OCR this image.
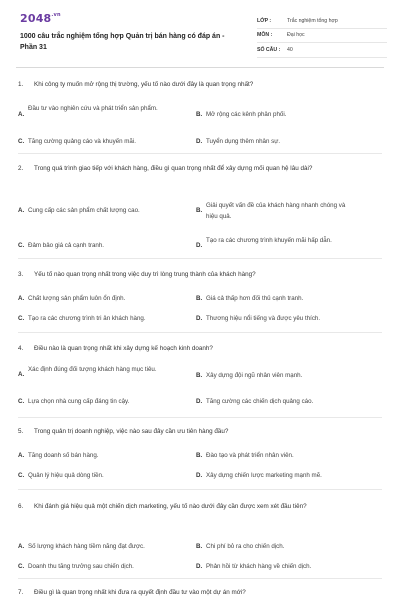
$2048^{.vn}$
1000 câu trắc nghiệm tổng hợp Quản trị bán hàng có đáp án - Phần 31
LỚP :	Trắc nghiệm tổng hợp
MÔN :	Đại học
SỐ CÂU :	40
1. Khi công ty muốn mở rộng thị trường, yếu tố nào dưới đây là quan trọng nhất?
A.
Đầu tư vào nghiên cứu và phát triển sản phẩm.
B. Mở rộng các kênh phân phối.
C. Tăng cường quảng cáo và khuyến mãi.	D. Tuyển dụng thêm nhân sự.
2. Trong quá trình giao tiếp với khách hàng, điều gì quan trọng nhất để xây dựng mối quan hệ lâu dài?
A. Cung cấp các sản phẩm chất lượng cao.	B.
Giải quyết vấn đề của khách hàng nhanh chóng và hiệu quả.
C. Đảm bảo giá cả cạnh tranh.	D.
Tạo ra các chương trình khuyến mãi hấp dẫn.
3. Yếu tố nào quan trọng nhất trong việc duy trì lòng trung thành của khách hàng?
A. Chất lượng sản phẩm luôn ổn định.	B. Giá cả thấp hơn đối thủ cạnh tranh.
C. Tạo ra các chương trình tri ân khách hàng.	D. Thương hiệu nổi tiếng và được yêu thích.
4. Điều nào là quan trọng nhất khi xây dựng kế hoạch kinh doanh?
A.
Xác định đúng đối tượng khách hàng mục tiêu.
B. Xây dựng đội ngũ nhân viên mạnh.
C. Lựa chọn nhà cung cấp đáng tin cậy.	D. Tăng cường các chiến dịch quảng cáo.
5. Trong quản trị doanh nghiệp, việc nào sau đây cần ưu tiên hàng đầu?
A. Tăng doanh số bán hàng.	B. Đào tạo và phát triển nhân viên.
C. Quản lý hiệu quả dòng tiền.	D. Xây dựng chiến lược marketing mạnh mẽ.
6. Khi đánh giá hiệu quả một chiến dịch marketing, yếu tố nào dưới đây cần được xem xét đầu tiên?
A. Số lượng khách hàng tiềm năng đạt được.	B. Chi phí bỏ ra cho chiến dịch.
C. Doanh thu tăng trưởng sau chiến dịch.	D. Phản hồi từ khách hàng về chiến dịch.
7. Điều gì là quan trọng nhất khi đưa ra quyết định đầu tư vào một dự án mới?
